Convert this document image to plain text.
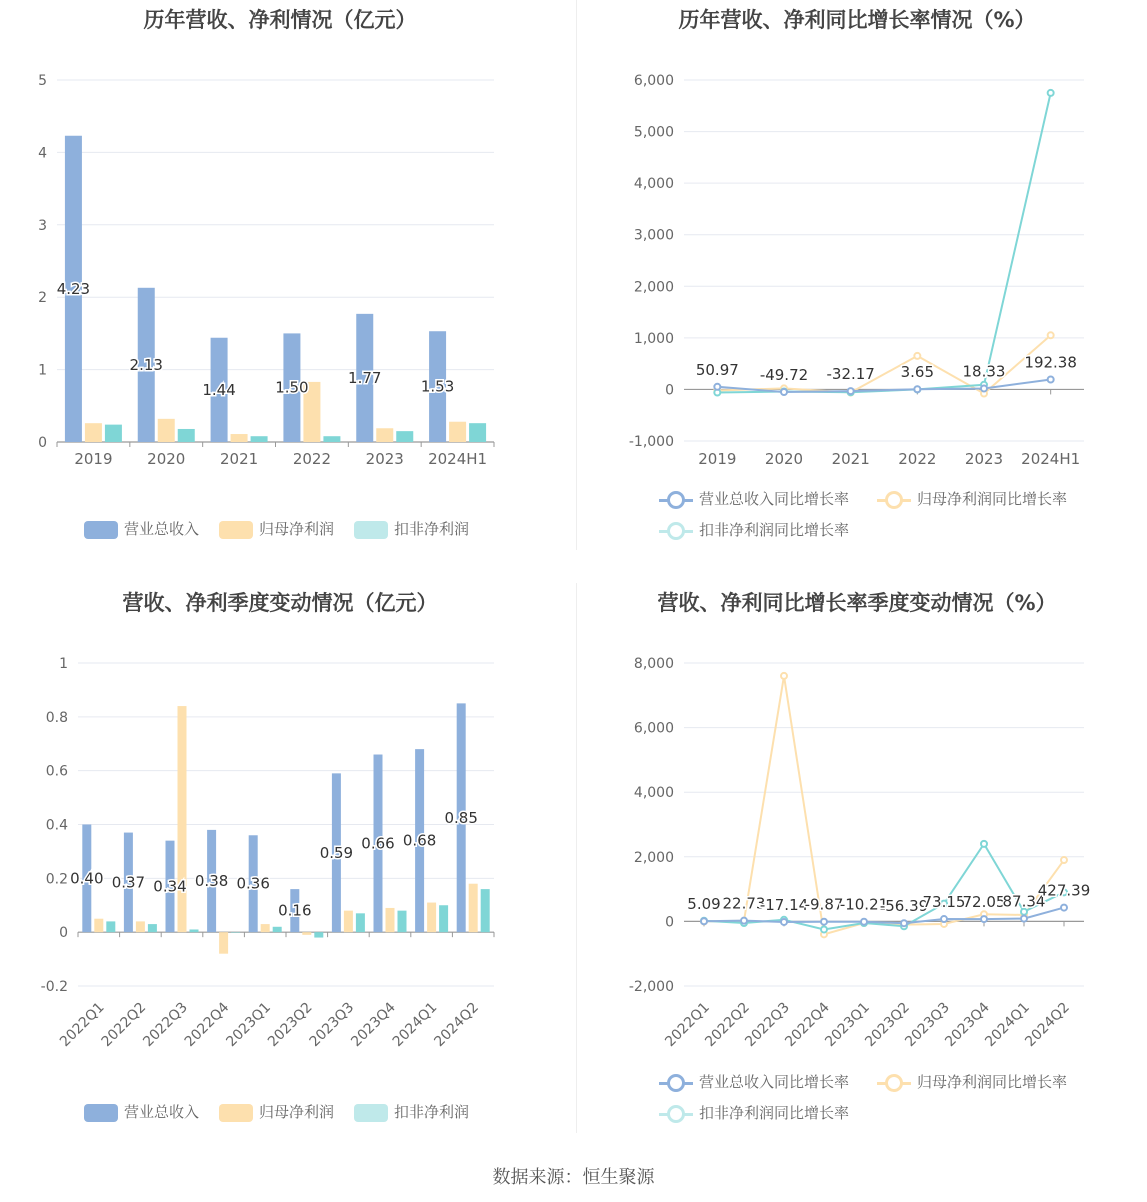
历年营收、净利情况（亿元）
0
1
2
3
4
5
2019 2020 2021 2022 2023 2024H1
4.23
2.13
1.44	1.50
1.77	1.53
营业总收入	归母净利润	扣非净利润
历年营收、净利同比增长率情况（%）
-1,000
0
1,000
2,000
3,000
4,000
5,000
6,000
2019 2020 2021 2022 2023 2024H1
50.97 -49.72 -32.17 3.65 18.33 192.38
营业总收入同比增长率	归母净利润同比增长率
扣非净利润同比增长率
营收、净利季度变动情况（亿元）
-0.2
0
0.2
0.4
0.6
0.8
1
2022Q1
2022Q2
2022Q3
2022Q4
2023Q1
2023Q2
2023Q3
2023Q4
2024Q1
2024Q2
0.40 0.37 0.34 0.38 0.36
0.16
0.59
0.66 0.68
0.85
营业总收入	归母净利润	扣非净利润
营收、净利同比增长率季度变动情况（%）
-2,000
0
2,000
4,000
6,000
8,000
2022Q1
2022Q2
2022Q3
2022Q4
2023Q1
2023Q2
2023Q3
2023Q4
2024Q1
2024Q2
5.09 22.73
-17.14
-9.87
-10.21
-56.39
73.15
72.05
87.34
427.39
营业总收入同比增长率	归母净利润同比增长率
扣非净利润同比增长率
数据来源：恒生聚源
